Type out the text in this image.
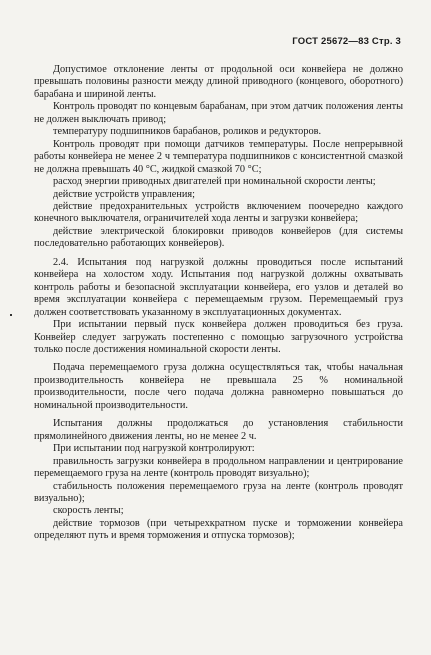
ГОСТ 25672—83 Стр. 3

Допустимое отклонение ленты от продольной оси конвейера не должно превышать половины разности между длиной приводного (концевого, оборотного) барабана и шириной ленты.

Контроль проводят по концевым барабанам, при этом датчик положения ленты не должен выключать привод;

температуру подшипников барабанов, роликов и редукторов.

Контроль проводят при помощи датчиков температуры. После непрерывной работы конвейера не менее 2 ч температура подшипников с консистентной смазкой не должна превышать 40 °С, жидкой смазкой 70 °С;

расход энергии приводных двигателей при номинальной скорости ленты;

действие устройств управления;

действие предохранительных устройств включением поочередно каждого конечного выключателя, ограничителей хода ленты и загрузки конвейера;

действие электрической блокировки приводов конвейеров (для системы последовательно работающих конвейеров).

2.4. Испытания под нагрузкой должны проводиться после испытаний конвейера на холостом ходу. Испытания под нагрузкой должны охватывать контроль работы и безопасной эксплуатации конвейера, его узлов и деталей во время эксплуатации конвейера с перемещаемым грузом. Перемещаемый груз должен соответствовать указанному в эксплуатационных документах.

При испытании первый пуск конвейера должен проводиться без груза. Конвейер следует загружать постепенно с помощью загрузочного устройства только после достижения номинальной скорости ленты.

Подача перемещаемого груза должна осуществляться так, чтобы начальная производительность конвейера не превышала 25 % номинальной производительности, после чего подача должна равномерно повышаться до номинальной производительности.

Испытания должны продолжаться до установления стабильности прямолинейного движения ленты, но не менее 2 ч.

При испытании под нагрузкой контролируют:

правильность загрузки конвейера в продольном направлении и центрирование перемещаемого груза на ленте (контроль проводят визуально);

стабильность положения перемещаемого груза на ленте (контроль проводят визуально);

скорость ленты;

действие тормозов (при четырехкратном пуске и торможении конвейера определяют путь и время торможения и отпуска тормозов);
